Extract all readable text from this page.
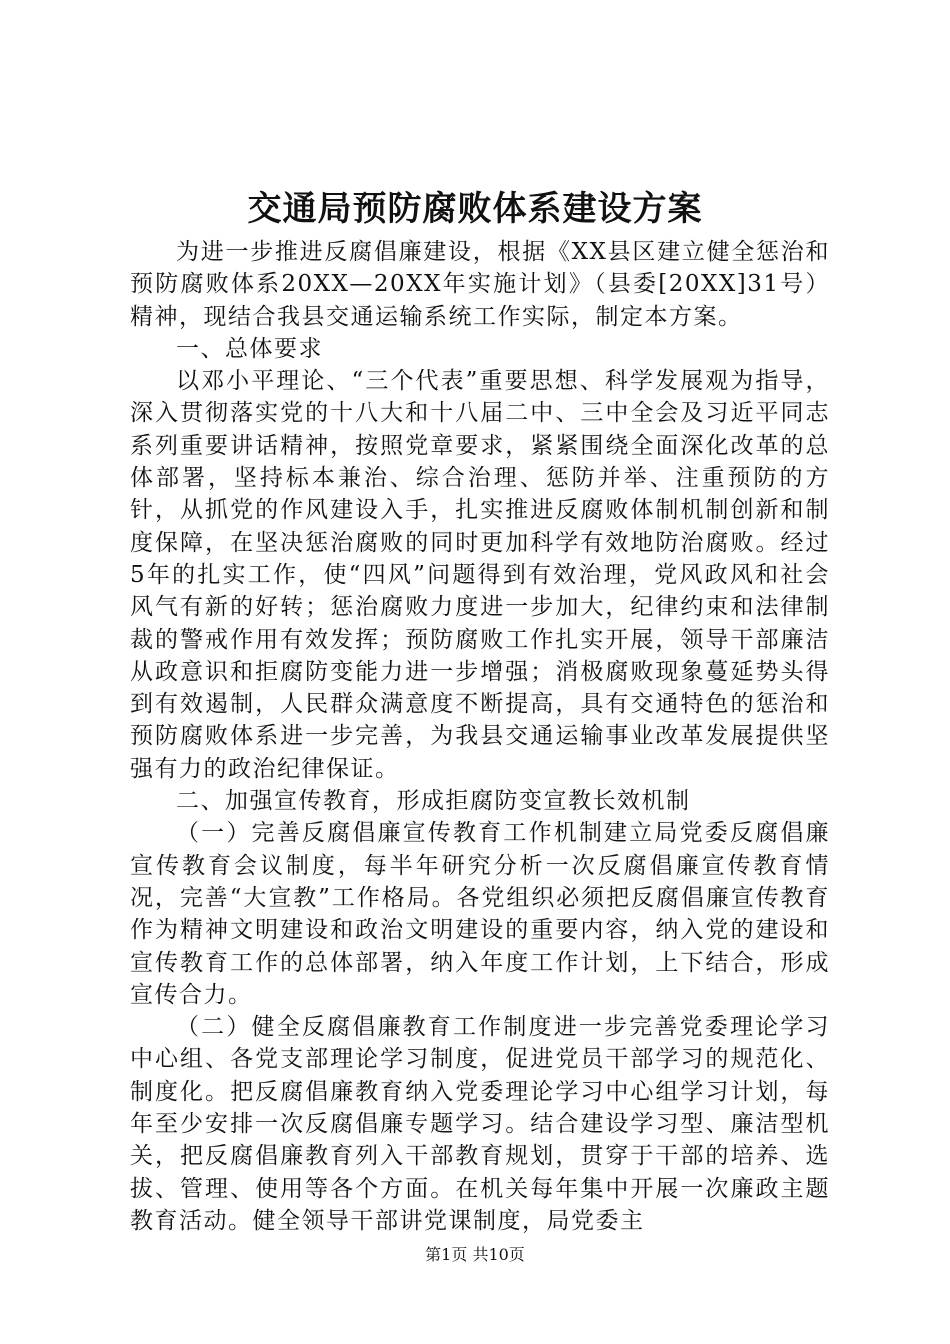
交通局预防腐败体系建设方案

为进一步推进反腐倡廉建设，根据《XX县区建立健全惩治和预防腐败体系20XX—20XX年实施计划》（县委[20XX]31号）精神，现结合我县交通运输系统工作实际，制定本方案。

一、总体要求

以邓小平理论、“三个代表”重要思想、科学发展观为指导，深入贯彻落实党的十八大和十八届二中、三中全会及习近平同志系列重要讲话精神，按照党章要求，紧紧围绕全面深化改革的总体部署，坚持标本兼治、综合治理、惩防并举、注重预防的方针，从抓党的作风建设入手，扎实推进反腐败体制机制创新和制度保障，在坚决惩治腐败的同时更加科学有效地防治腐败。经过5年的扎实工作，使“四风”问题得到有效治理，党风政风和社会风气有新的好转；惩治腐败力度进一步加大，纪律约束和法律制裁的警戒作用有效发挥；预防腐败工作扎实开展，领导干部廉洁从政意识和拒腐防变能力进一步增强；消极腐败现象蔓延势头得到有效遏制，人民群众满意度不断提高，具有交通特色的惩治和预防腐败体系进一步完善，为我县交通运输事业改革发展提供坚强有力的政治纪律保证。

二、加强宣传教育，形成拒腐防变宣教长效机制

（一）完善反腐倡廉宣传教育工作机制建立局党委反腐倡廉宣传教育会议制度，每半年研究分析一次反腐倡廉宣传教育情况，完善“大宣教”工作格局。各党组织必须把反腐倡廉宣传教育作为精神文明建设和政治文明建设的重要内容，纳入党的建设和宣传教育工作的总体部署，纳入年度工作计划，上下结合，形成宣传合力。

（二）健全反腐倡廉教育工作制度进一步完善党委理论学习中心组、各党支部理论学习制度，促进党员干部学习的规范化、制度化。把反腐倡廉教育纳入党委理论学习中心组学习计划，每年至少安排一次反腐倡廉专题学习。结合建设学习型、廉洁型机关，把反腐倡廉教育列入干部教育规划，贯穿于干部的培养、选拔、管理、使用等各个方面。在机关每年集中开展一次廉政主题教育活动。健全领导干部讲党课制度，局党委主

第1页 共10页
